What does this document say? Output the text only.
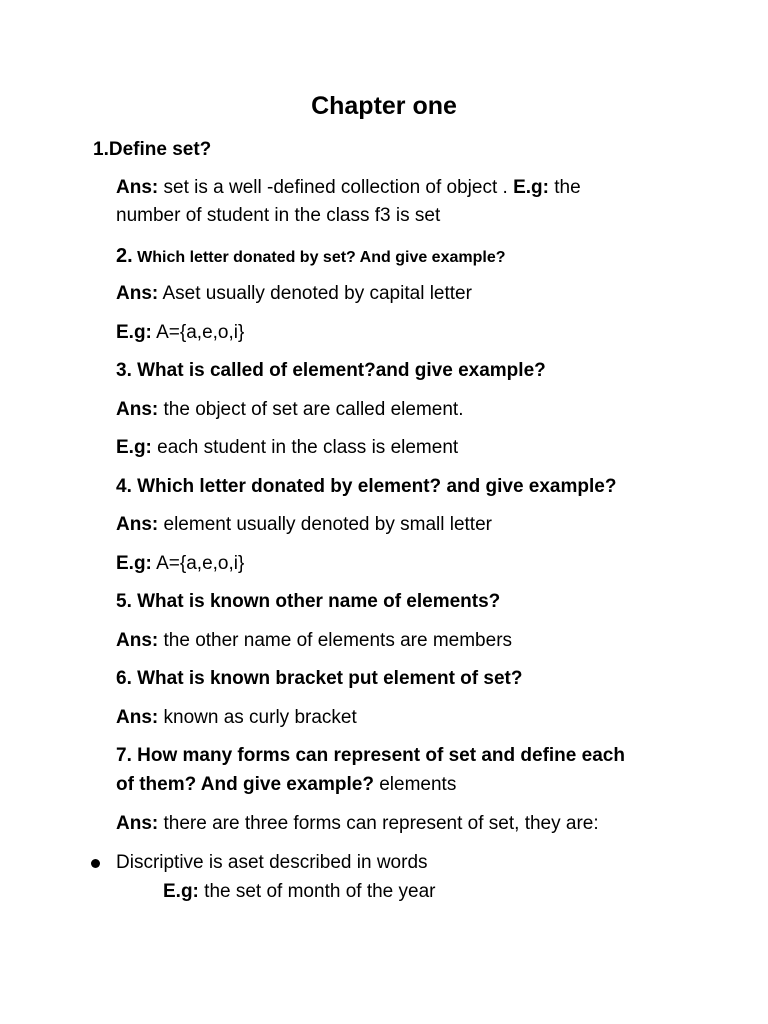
Chapter one
1.Define set?
Ans: set is a well -defined collection of object . E.g: the
number of student in the class f3 is set
2. Which letter donated by set? And give example?
Ans: Aset usually denoted by capital letter
E.g: A={a,e,o,i}
3. What is called of element?and give example?
Ans: the object of set are called element.
E.g: each student in the class is element
4. Which letter donated by element? and give example?
Ans: element usually denoted by small letter
E.g: A={a,e,o,i}
5. What is known other name of elements?
Ans: the other name of elements are members
6. What is known bracket put element of set?
Ans: known as curly bracket
7. How many forms can represent of set and define each
of them? And give example? elements
Ans: there are three forms can represent of set, they are:
Discriptive is aset described in words
E.g: the set of month of the year
